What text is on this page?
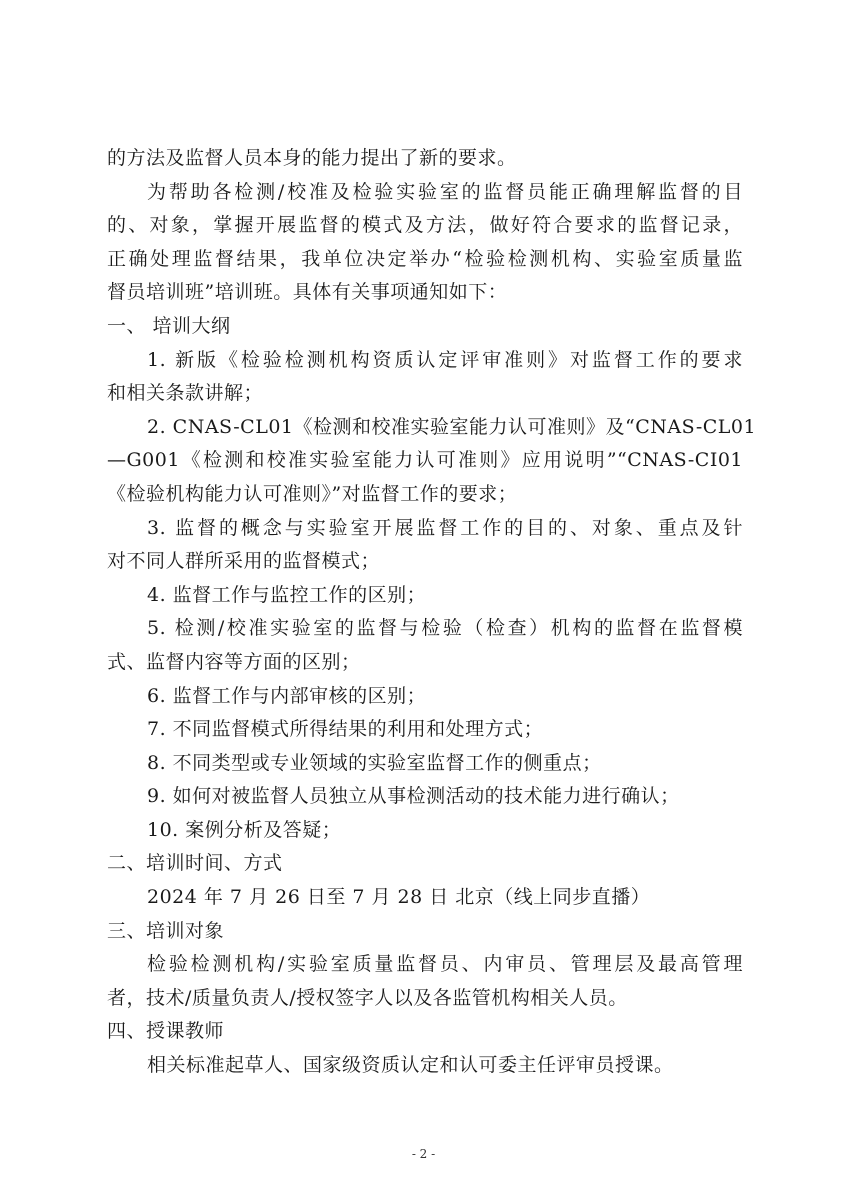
的方法及监督人员本身的能力提出了新的要求。
为帮助各检测/校准及检验实验室的监督员能正确理解监督的目
的、对象，掌握开展监督的模式及方法，做好符合要求的监督记录，
正确处理监督结果，我单位决定举办“检验检测机构、实验室质量监
督员培训班”培训班。具体有关事项通知如下：
一、 培训大纲
1. 新版《检验检测机构资质认定评审准则》对监督工作的要求
和相关条款讲解；
2. CNAS-CL01《检测和校准实验室能力认可准则》及“CNAS-CL01
—G001《检测和校准实验室能力认可准则》应用说明”“CNAS-CI01
《检验机构能力认可准则》”对监督工作的要求；
3. 监督的概念与实验室开展监督工作的目的、对象、重点及针
对不同人群所采用的监督模式；
4. 监督工作与监控工作的区别；
5. 检测/校准实验室的监督与检验（检查）机构的监督在监督模
式、监督内容等方面的区别；
6. 监督工作与内部审核的区别；
7. 不同监督模式所得结果的利用和处理方式；
8. 不同类型或专业领域的实验室监督工作的侧重点；
9. 如何对被监督人员独立从事检测活动的技术能力进行确认；
10. 案例分析及答疑；
二、培训时间、方式
2024 年 7 月 26 日至 7 月 28 日 北京（线上同步直播）
三、培训对象
检验检测机构/实验室质量监督员、内审员、管理层及最高管理
者，技术/质量负责人/授权签字人以及各监管机构相关人员。
四、授课教师
相关标准起草人、国家级资质认定和认可委主任评审员授课。
- 2 -
